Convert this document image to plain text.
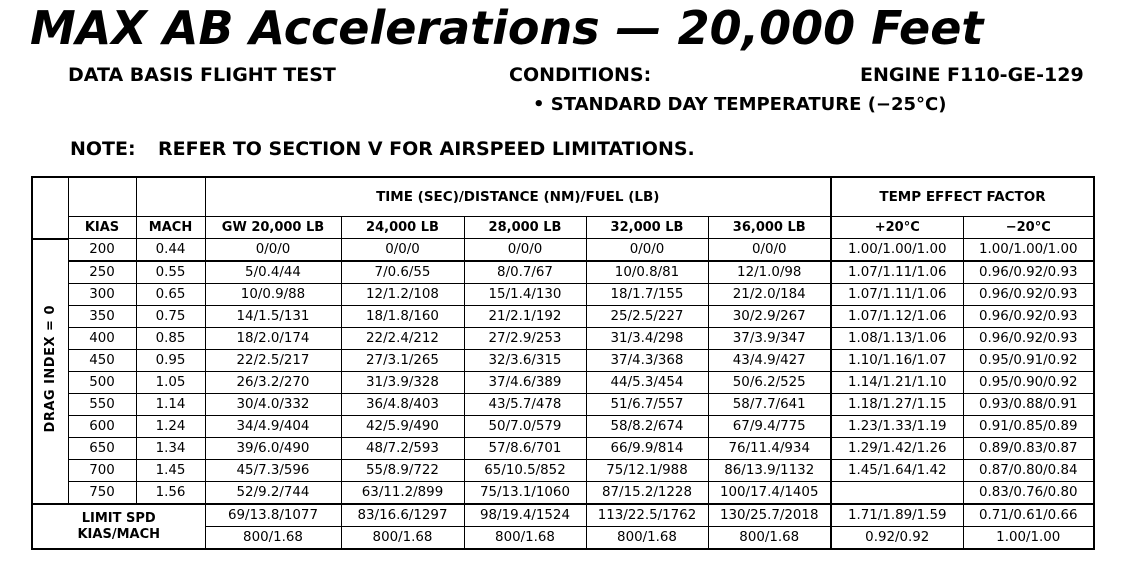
MAX AB Accelerations — 20,000 Feet
DATA BASIS FLIGHT TEST	CONDITIONS:	ENGINE F110-GE-129
• STANDARD DAY TEMPERATURE (−25°C)
NOTE: REFER TO SECTION V FOR AIRSPEED LIMITATIONS.
			TIME (SEC)/DISTANCE (NM)/FUEL (LB)					TEMP EFFECT FACTOR	
	KIAS	MACH	GW 20,000 LB	24,000 LB	28,000 LB	32,000 LB	36,000 LB	+20°C	−20°C
DRAG INDEX = 0	200	0.44	0/0/0	0/0/0	0/0/0	0/0/0	0/0/0	1.00/1.00/1.00	1.00/1.00/1.00
	250	0.55	5/0.4/44	7/0.6/55	8/0.7/67	10/0.8/81	12/1.0/98	1.07/1.11/1.06	0.96/0.92/0.93
	300	0.65	10/0.9/88	12/1.2/108	15/1.4/130	18/1.7/155	21/2.0/184	1.07/1.11/1.06	0.96/0.92/0.93
	350	0.75	14/1.5/131	18/1.8/160	21/2.1/192	25/2.5/227	30/2.9/267	1.07/1.12/1.06	0.96/0.92/0.93
	400	0.85	18/2.0/174	22/2.4/212	27/2.9/253	31/3.4/298	37/3.9/347	1.08/1.13/1.06	0.96/0.92/0.93
	450	0.95	22/2.5/217	27/3.1/265	32/3.6/315	37/4.3/368	43/4.9/427	1.10/1.16/1.07	0.95/0.91/0.92
	500	1.05	26/3.2/270	31/3.9/328	37/4.6/389	44/5.3/454	50/6.2/525	1.14/1.21/1.10	0.95/0.90/0.92
	550	1.14	30/4.0/332	36/4.8/403	43/5.7/478	51/6.7/557	58/7.7/641	1.18/1.27/1.15	0.93/0.88/0.91
	600	1.24	34/4.9/404	42/5.9/490	50/7.0/579	58/8.2/674	67/9.4/775	1.23/1.33/1.19	0.91/0.85/0.89
	650	1.34	39/6.0/490	48/7.2/593	57/8.6/701	66/9.9/814	76/11.4/934	1.29/1.42/1.26	0.89/0.83/0.87
	700	1.45	45/7.3/596	55/8.9/722	65/10.5/852	75/12.1/988	86/13.9/1132	1.45/1.64/1.42	0.87/0.80/0.84
	750	1.56	52/9.2/744	63/11.2/899	75/13.1/1060	87/15.2/1228	100/17.4/1405		0.83/0.76/0.80

LIMIT SPD
KIAS/MACH			69/13.8/1077	83/16.6/1297	98/19.4/1524	113/22.5/1762	130/25.7/2018	1.71/1.89/1.59	0.71/0.61/0.66
			800/1.68	800/1.68	800/1.68	800/1.68	800/1.68	0.92/0.92	1.00/1.00
